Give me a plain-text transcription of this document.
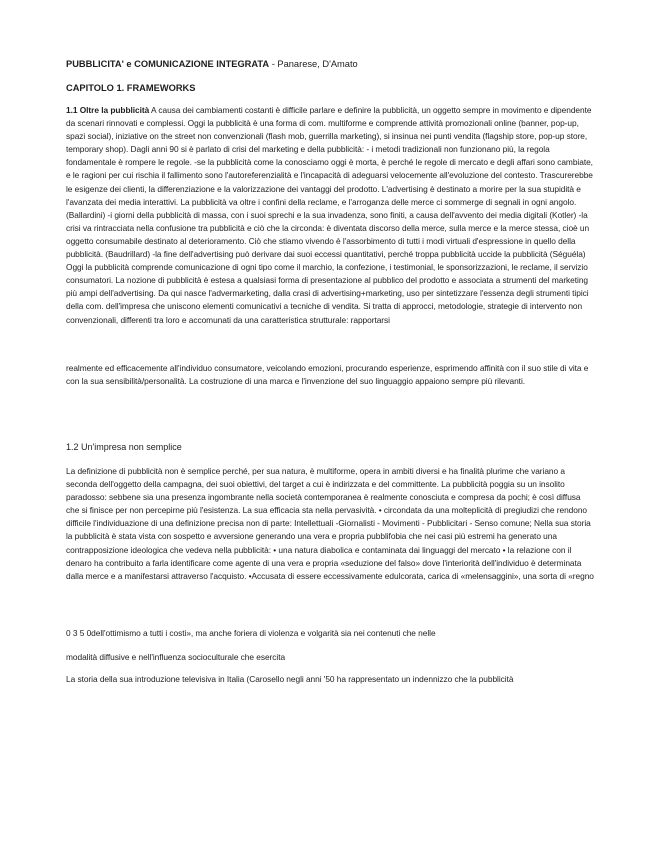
PUBBLICITA' e COMUNICAZIONE INTEGRATA - Panarese, D'Amato
CAPITOLO 1. FRAMEWORKS

1.1 Oltre la pubblicità A causa dei cambiamenti costanti è difficile parlare e definire la pubblicità, un oggetto sempre in movimento e dipendente da scenari rinnovati e complessi. Oggi la pubblicità è una forma di com. multiforme e comprende attività promozionali online (banner, pop-up, spazi social), iniziative on the street non convenzionali (flash mob, guerrilla marketing), si insinua nei punti vendita (flagship store, pop-up store, temporary shop). Dagli anni 90 si è parlato di crisi del marketing e della pubblicità: - i metodi tradizionali non funzionano più, la regola fondamentale è rompere le regole. -se la pubblicità come la conosciamo oggi è morta, è perché le regole di mercato e degli affari sono cambiate, e le ragioni per cui rischia il fallimento sono l'autoreferenzialità e l'incapacità di adeguarsi velocemente all'evoluzione del contesto. Trascurerebbe le esigenze dei clienti, la differenziazione e la valorizzazione dei vantaggi del prodotto. L'advertising è destinato a morire per la sua stupidità e l'avanzata dei media interattivi. La pubblicità va oltre i confini della reclame, e l'arroganza delle merce ci sommerge di segnali in ogni angolo. (Ballardini) -i giorni della pubblicità di massa, con i suoi sprechi e la sua invadenza, sono finiti, a causa dell'avvento dei media digitali (Kotler) -la crisi va rintracciata nella confusione tra pubblicità e ciò che la circonda: è diventata discorso della merce, sulla merce e la merce stessa, cioè un oggetto consumabile destinato al deterioramento. Ciò che stiamo vivendo è l'assorbimento di tutti i modi virtuali d'espressione in quello della pubblicità. (Baudrillard) -la fine dell'advertising può derivare dai suoi eccessi quantitativi, perché troppa pubblicità uccide la pubblicità (Séguéla) Oggi la pubblicità comprende comunicazione di ogni tipo come il marchio, la confezione, i testimonial, le sponsorizzazioni, le reclame, il servizio consumatori. La nozione di pubblicità è estesa a qualsiasi forma di presentazione al pubblico del prodotto e associata a strumenti del marketing più ampi dell'advertising. Da qui nasce l'advermarketing, dalla crasi di advertising+marketing, uso per sintetizzare l'essenza degli strumenti tipici della com. dell'impresa che uniscono elementi comunicativi a tecniche di vendita. Si tratta di approcci, metodologie, strategie di intervento non convenzionali, differenti tra loro e accomunati da una caratteristica strutturale: rapportarsi

realmente ed efficacemente all'individuo consumatore, veicolando emozioni, procurando esperienze, esprimendo affinità con il suo stile di vita e con la sua sensibilità/personalità. La costruzione di una marca e l'invenzione del suo linguaggio appaiono sempre più rilevanti.

1.2 Un'impresa non semplice

La definizione di pubblicità non è semplice perché, per sua natura, è multiforme, opera in ambiti diversi e ha finalità plurime che variano a seconda dell'oggetto della campagna, dei suoi obiettivi, del target a cui è indirizzata e del committente. La pubblicità poggia su un insolito paradosso: sebbene sia una presenza ingombrante nella società contemporanea è realmente conosciuta e compresa da pochi; è così diffusa che si finisce per non percepirne più l'esistenza. La sua efficacia sta nella pervasività. • circondata da una molteplicità di pregiudizi che rendono difficile l'individuazione di una definizione precisa non di parte: Intellettuali -Giornalisti - Movimenti - Pubblicitari - Senso comune; Nella sua storia la pubblicità è stata vista con sospetto e avversione generando una vera e propria pubblifobia che nei casi più estremi ha generato una contrapposizione ideologica che vedeva nella pubblicità: • una natura diabolica e contaminata dai linguaggi del mercato • la relazione con il denaro ha contribuito a farla identificare come agente di una vera e propria «seduzione del falso» dove l'interiorità dell'individuo è determinata dalla merce e a manifestarsi attraverso l'acquisto. •Accusata di essere eccessivamente edulcorata, carica di «melensaggini», una sorta di «regno

0 3 5 0dell'ottimismo a tutti i costi», ma anche foriera di violenza e volgarità sia nei contenuti che nelle

modalità diffusive e nell'influenza socioculturale che esercita

La storia della sua introduzione televisiva in Italia (Carosello negli anni '50 ha rappresentato un indennizzo che la pubblicità
